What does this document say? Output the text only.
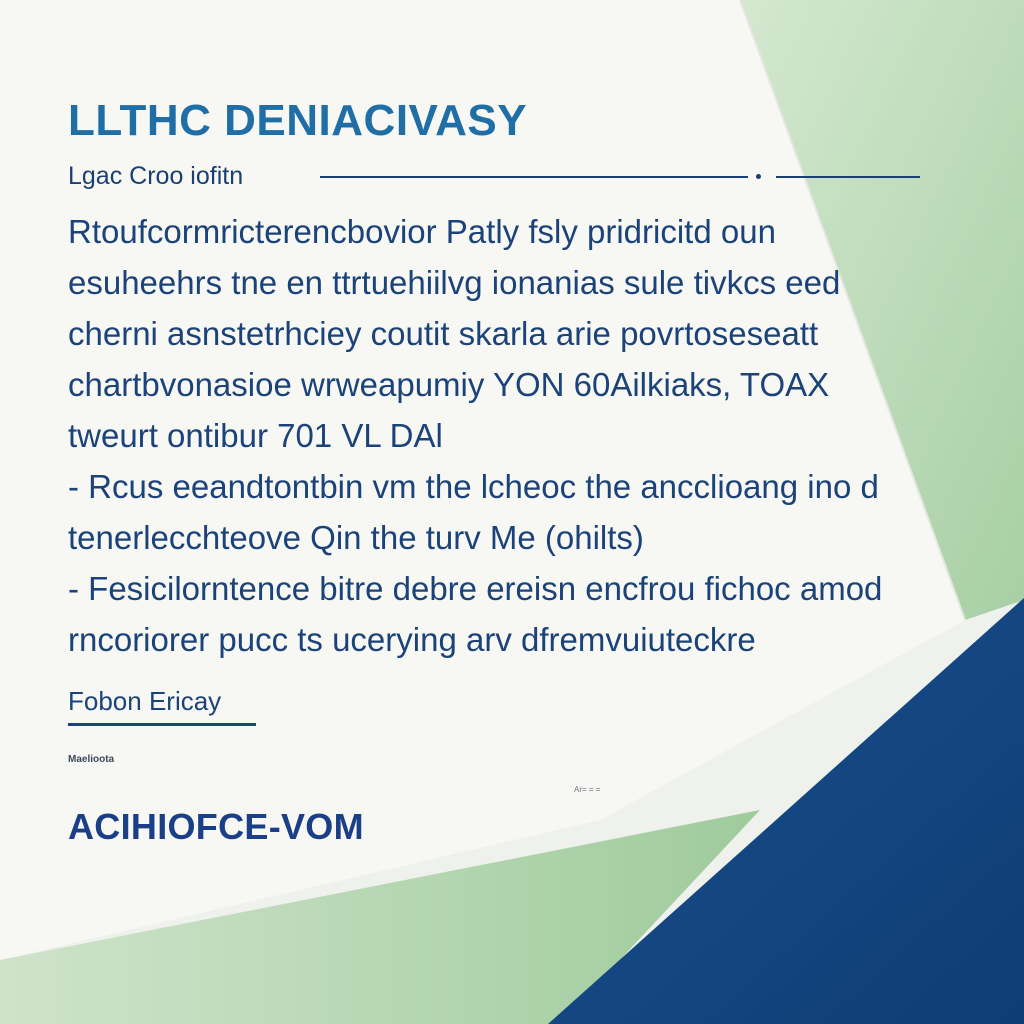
LLTHC DENIACIVASY
Lgac Croo iofitn
Rtoufcormricterencbovior Patly fsly pridricitd oun
esuheehrs tne en ttrtuehiilvg ionanias sule tivkcs eed
cherni asnstetrhciey coutit skarla arie povrtoseseatt
chartbvonasioe wrweapumiy YON 60Ailkiaks, TOAX
tweurt ontibur 701 VL DAl
- Rcus eeandtontbin vm the lcheoc the ancclioang ino d
tenerlecchteove Qin the turv Me (ohilts)
- Fesicilorntence bitre debre ereisn encfrou fichoc amod
rncoriorer pucc ts ucerying arv dfremvuiuteckre
Fobon Ericay
Maelioota
Ar= = =
ACIHIOFCE-VOM
